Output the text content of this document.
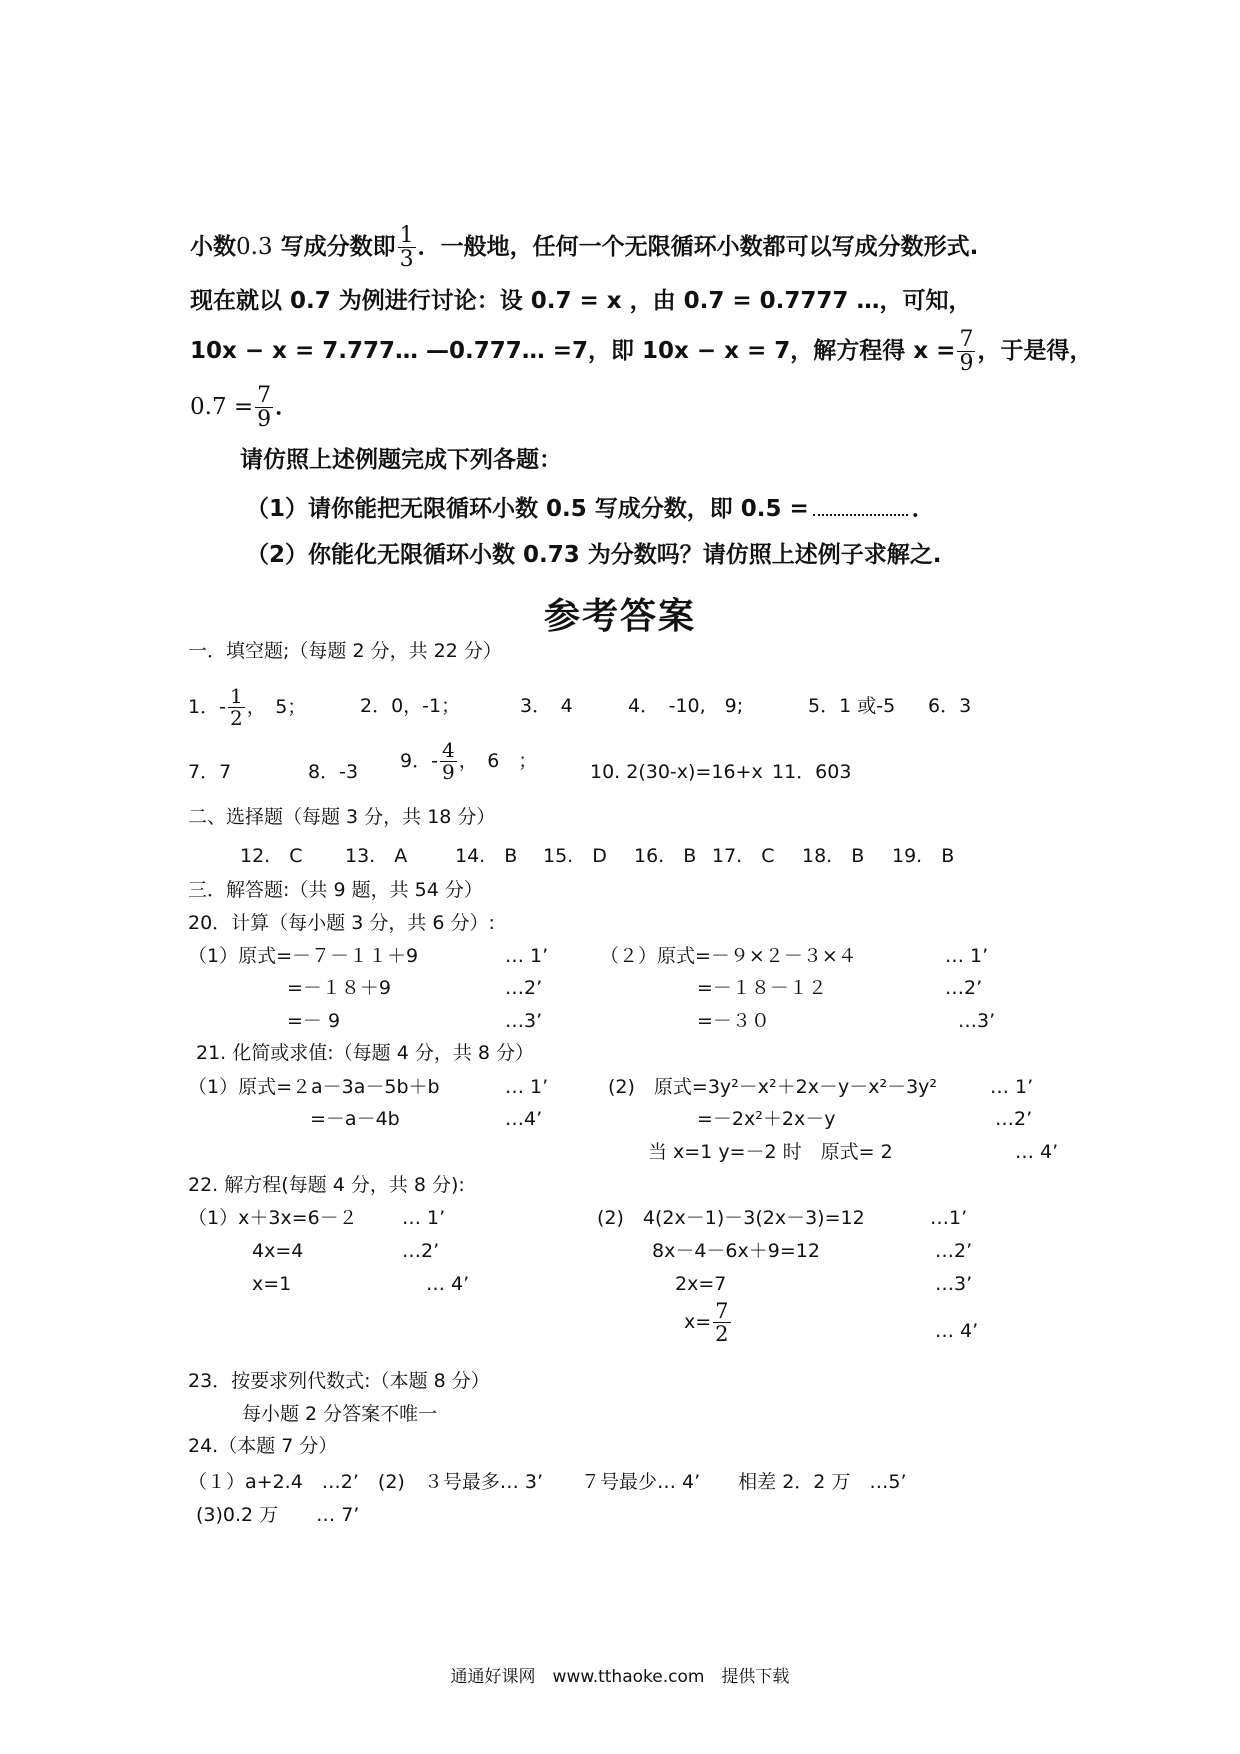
小数0.3 写成分数即 $\frac{1}{3}$ ．一般地，任何一个无限循环小数都可以写成分数形式.
现在就以 0.7 为例进行讨论：设 0.7 = x ，由 0.7 = 0.7777 …，可知，
10x − x = 7.777… —0.777… =7，即 10x − x = 7，解方程得 $x = \frac{7}{9}$ ，于是得，
$0.7 = \frac{7}{9}$ ．
请仿照上述例题完成下列各题：
（1）请你能把无限循环小数 0.5 写成分数，即 0.5 =	．
（2）你能化无限循环小数 0.73 为分数吗？请仿照上述例子求解之.
参考答案
一．填空题;（每题 2 分，共 22 分）
1．- $\frac{1}{2}$ ，　5；	2．0，-1；	3．　4	4．　-10,　9;	5．1 或-5 6．3
7．7	8．-3 9．- $\frac{4}{9}$ ，　6　；	10. 2(30-x)=16+x 11．603
二、选择题（每题 3 分，共 18 分）
12.　C 13.　A	14.　B 15.　D 16.　B 17.　C 18.　B 19.　B
三．解答题:（共 9 题，共 54 分）
20．计算（每小题 3 分，共 6 分）:
（1）原式=－７－１１＋9	… 1’
=－１８＋9	…2’
=－ 9	…3’
（２）原式=－９×２－３×４	… 1’
=－１８－１２	…2’
=－３０	…3’
21. 化简或求值:（每题 4 分，共 8 分）
（1）原式=２a－3a－5b＋b	… 1’
=－a－4b	…4’
(2)　原式=3y²－x²＋2x－y－x²－3y²	… 1’
=－2x²＋2x－y	…2’
当 x=1 y=－2 时　原式= 2	… 4’
22. 解方程(每题 4 分，共 8 分):
（1）x＋3x=6－２ … 1’
4x=4	…2’
x=1	… 4’
(2)　4(2x－1)－3(2x－3)=12	…1’
8x－4－6x＋9=12	…2’
2x=7	…3’
$x= \frac{7}{2}$	… 4’
23．按要求列代数式:（本题 8 分）
每小题 2 分答案不唯一
24.（本题 7 分）
（１）a+2.4　…2’　(2)　３号最多… 3’　　７号最少… 4’　　相差 2．2 万　…5’
(3)0.2 万　　… 7’
通通好课网　www.tthaoke.com　提供下载
